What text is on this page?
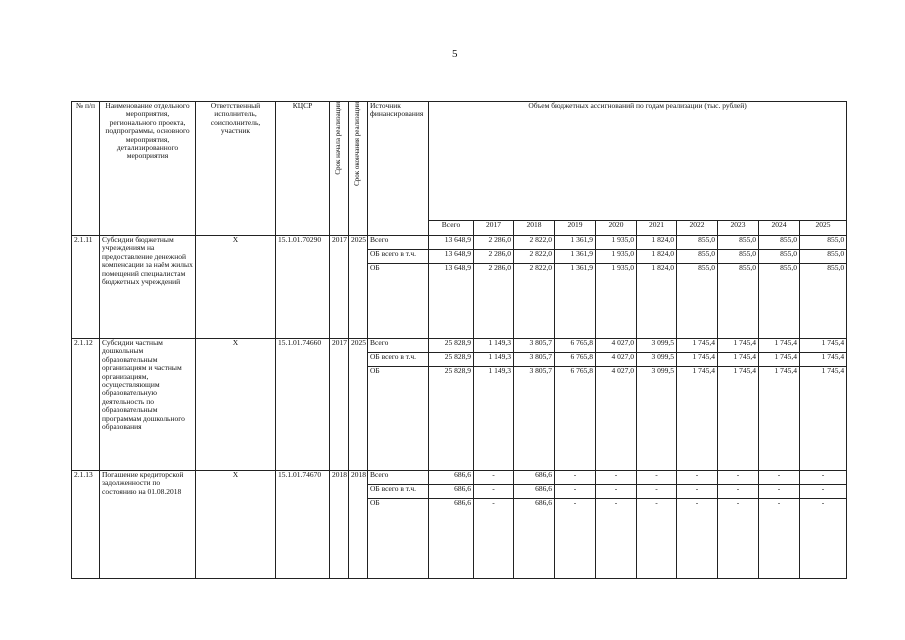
5
№ п/п	Наименование отдельного мероприятия, регионального проекта, подпрограммы, основного мероприятия, детализированного мероприятия	Ответственный исполнитель, соисполнитель, участник	КЦСР	Срок начала реализации	Срок окончания реализации	Источник финансирования	Объем бюджетных ассигнований по годам реализации (тыс. рублей)									
							Всего	2017	2018	2019	2020	2021	2022	2023	2024	2025
2.1.11	Субсидии бюджетным учреждениям на предоставление денежной компенсации за наём жилых помещений специалистам бюджетных учреждений	Х	15.1.01.70290	2017	2025	Всего	13 648,9	2 286,0	2 822,0	1 361,9	1 935,0	1 824,0	855,0	855,0	855,0	855,0
						ОБ всего в т.ч.	13 648,9	2 286,0	2 822,0	1 361,9	1 935,0	1 824,0	855,0	855,0	855,0	855,0
						ОБ	13 648,9	2 286,0	2 822,0	1 361,9	1 935,0	1 824,0	855,0	855,0	855,0	855,0
2.1.12	Субсидии частным дошкольным образовательным организациям и частным организациям, осуществляющим образовательную деятельность по образовательным программам дошкольного образования	Х	15.1.01.74660	2017	2025	Всего	25 828,9	1 149,3	3 805,7	6 765,8	4 027,0	3 099,5	1 745,4	1 745,4	1 745,4	1 745,4
						ОБ всего в т.ч.	25 828,9	1 149,3	3 805,7	6 765,8	4 027,0	3 099,5	1 745,4	1 745,4	1 745,4	1 745,4
						ОБ	25 828,9	1 149,3	3 805,7	6 765,8	4 027,0	3 099,5	1 745,4	1 745,4	1 745,4	1 745,4
2.1.13	Погашение кредиторской задолженности по состоянию на 01.08.2018	Х	15.1.01.74670	2018	2018	Всего	686,6	-	686,6	-	-	-	-	-	-	-
						ОБ всего в т.ч.	686,6	-	686,6	-	-	-	-	-	-	-
						ОБ	686,6	-	686,6	-	-	-	-	-	-	-
